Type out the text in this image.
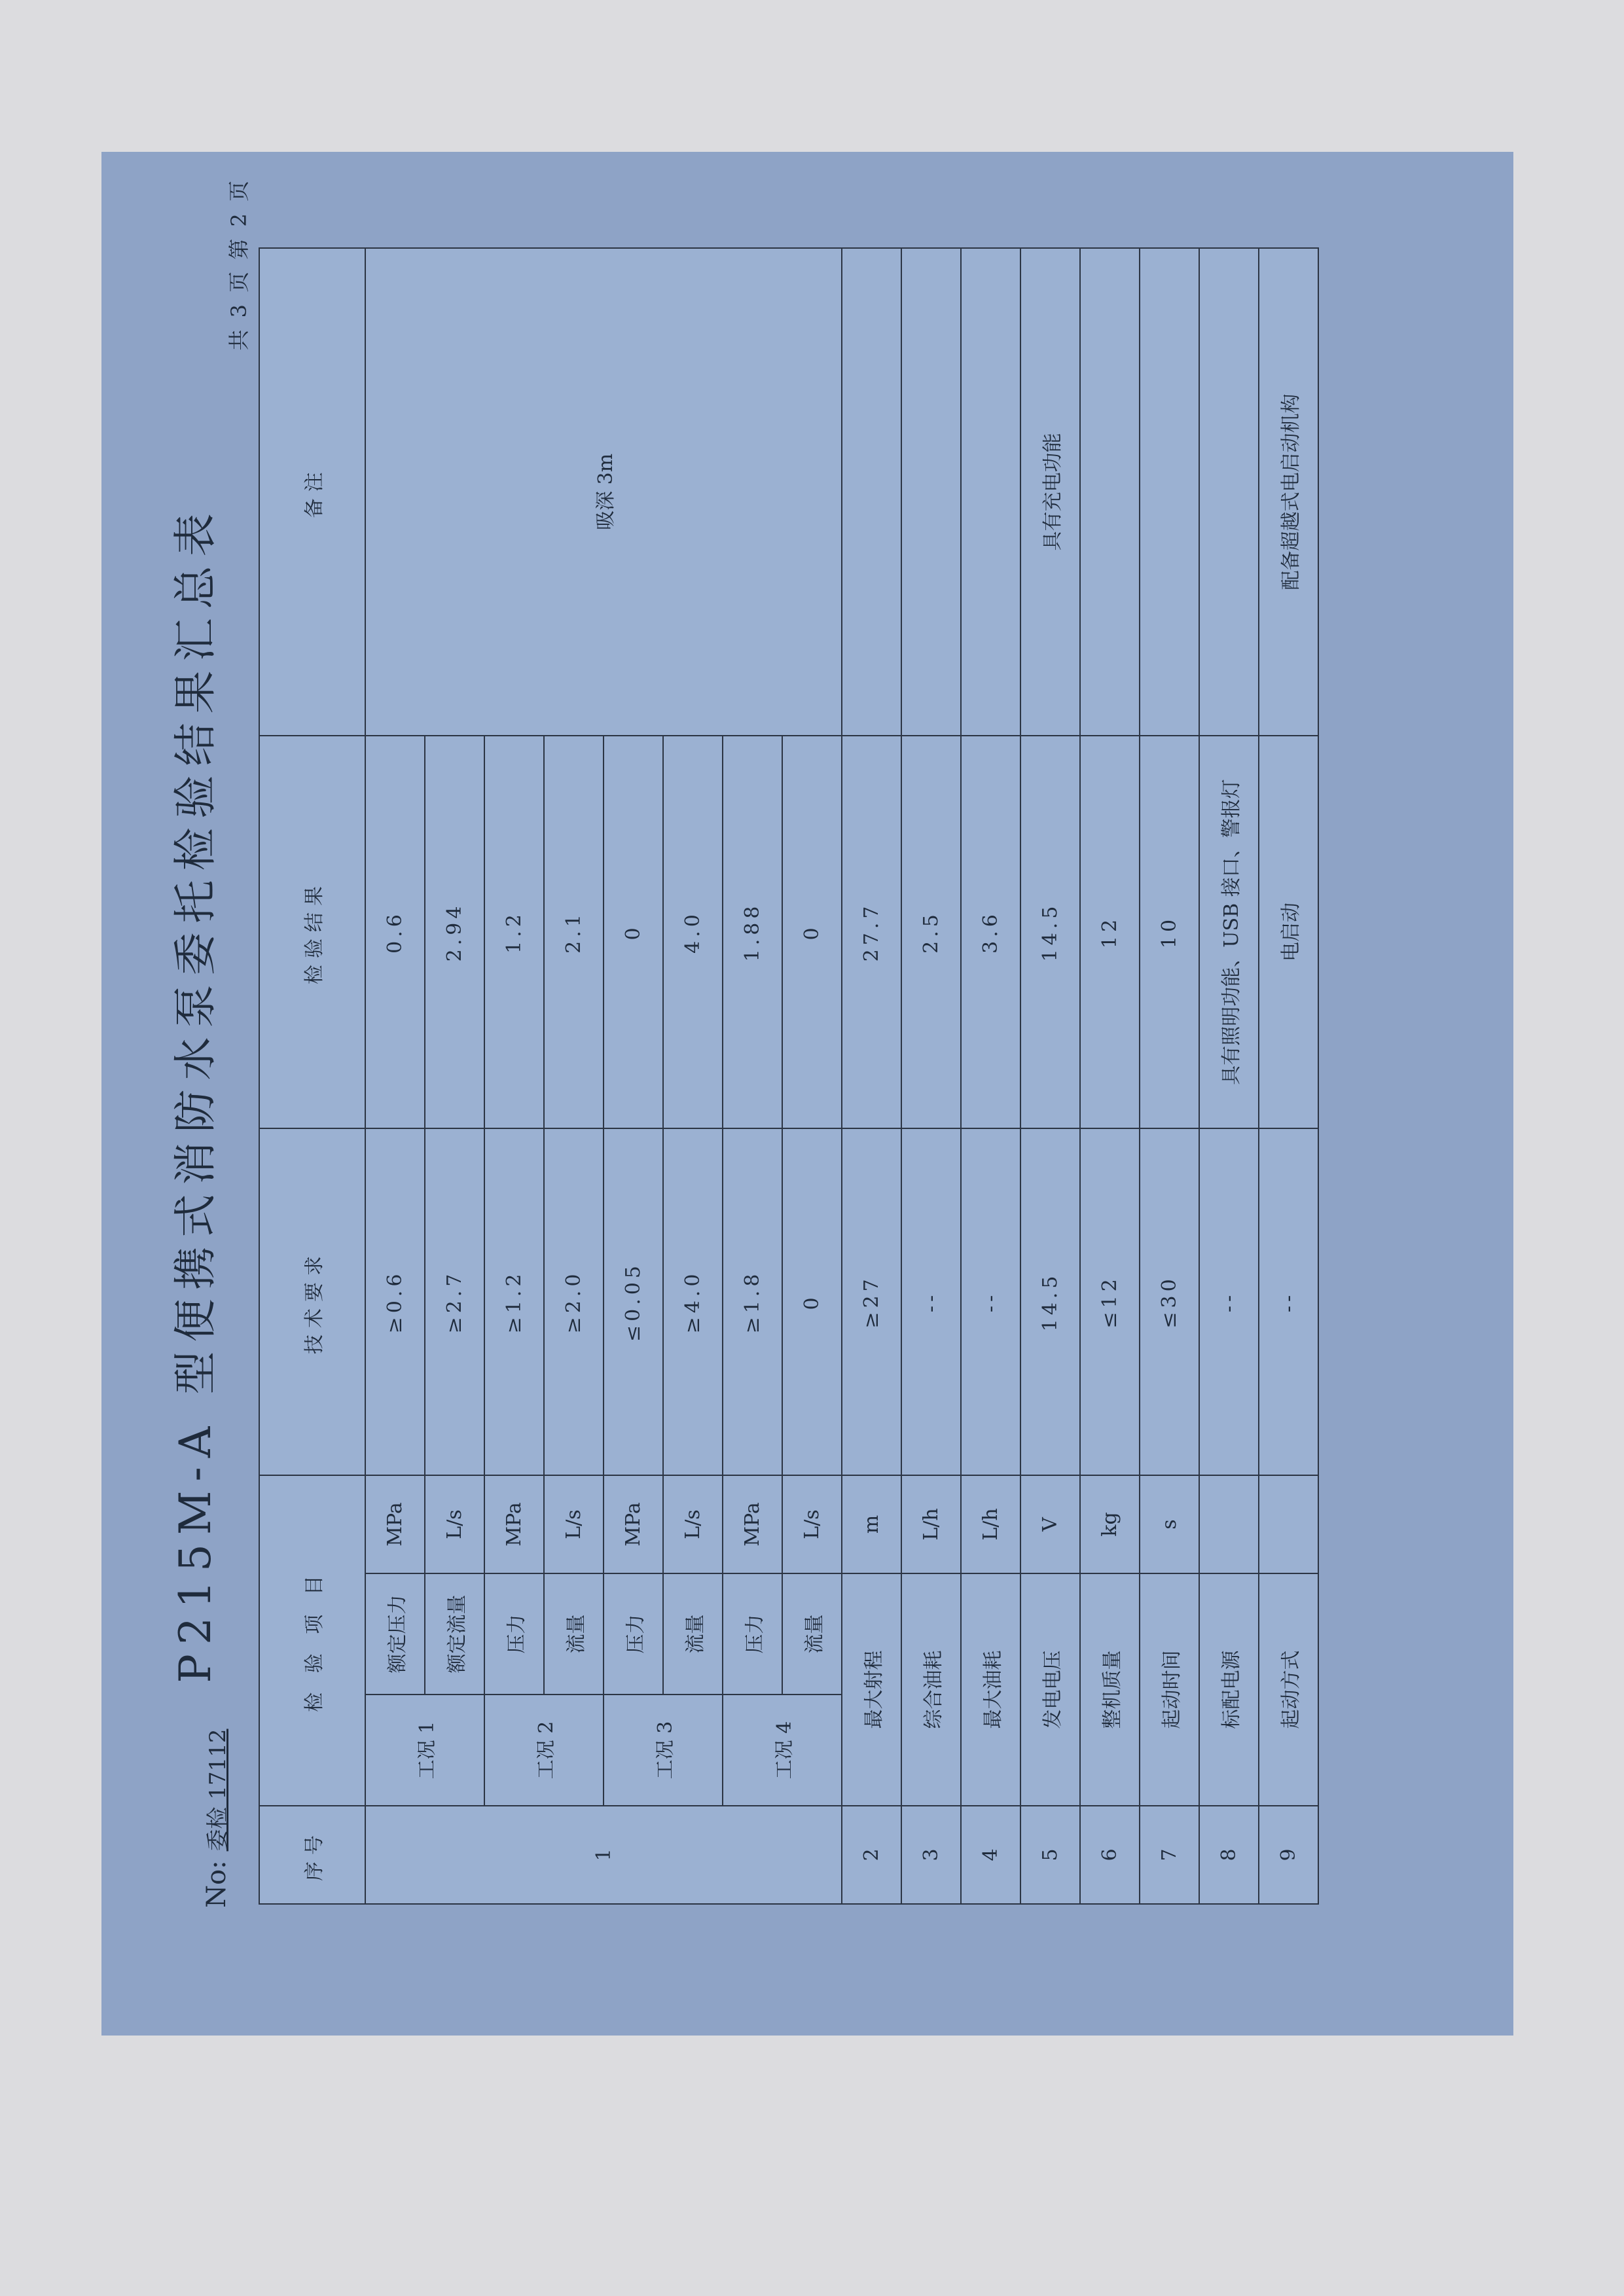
P215M-A 型便携式消防水泵委托检验结果汇总表
No:委检 17112
共 3 页 第 2 页
序号	检 验 项 目			技术要求	检验结果	备注
1	工况 1	额定压力	MPa	≥0.6	0.6	吸深 3m
		额定流量	L/s	≥2.7	2.94	
	工况 2	压力	MPa	≥1.2	1.2	
		流量	L/s	≥2.0	2.1	
	工况 3	压力	MPa	≤0.05	0	
		流量	L/s	≥4.0	4.0	
	工况 4	压力	MPa	≥1.8	1.88	
		流量	L/s	0	0	
2	最大射程		m	≥27	27.7	
3	综合油耗		L/h	--	2.5	
4	最大油耗		L/h	--	3.6	
5	发电电压		V	14.5	14.5	具有充电功能
6	整机质量		kg	≤12	12	
7	起动时间		s	≤30	10	
8	标配电源			--	具有照明功能、USB 接口、警报灯	
9	起动方式			--	电启动	配备超越式电启动机构
